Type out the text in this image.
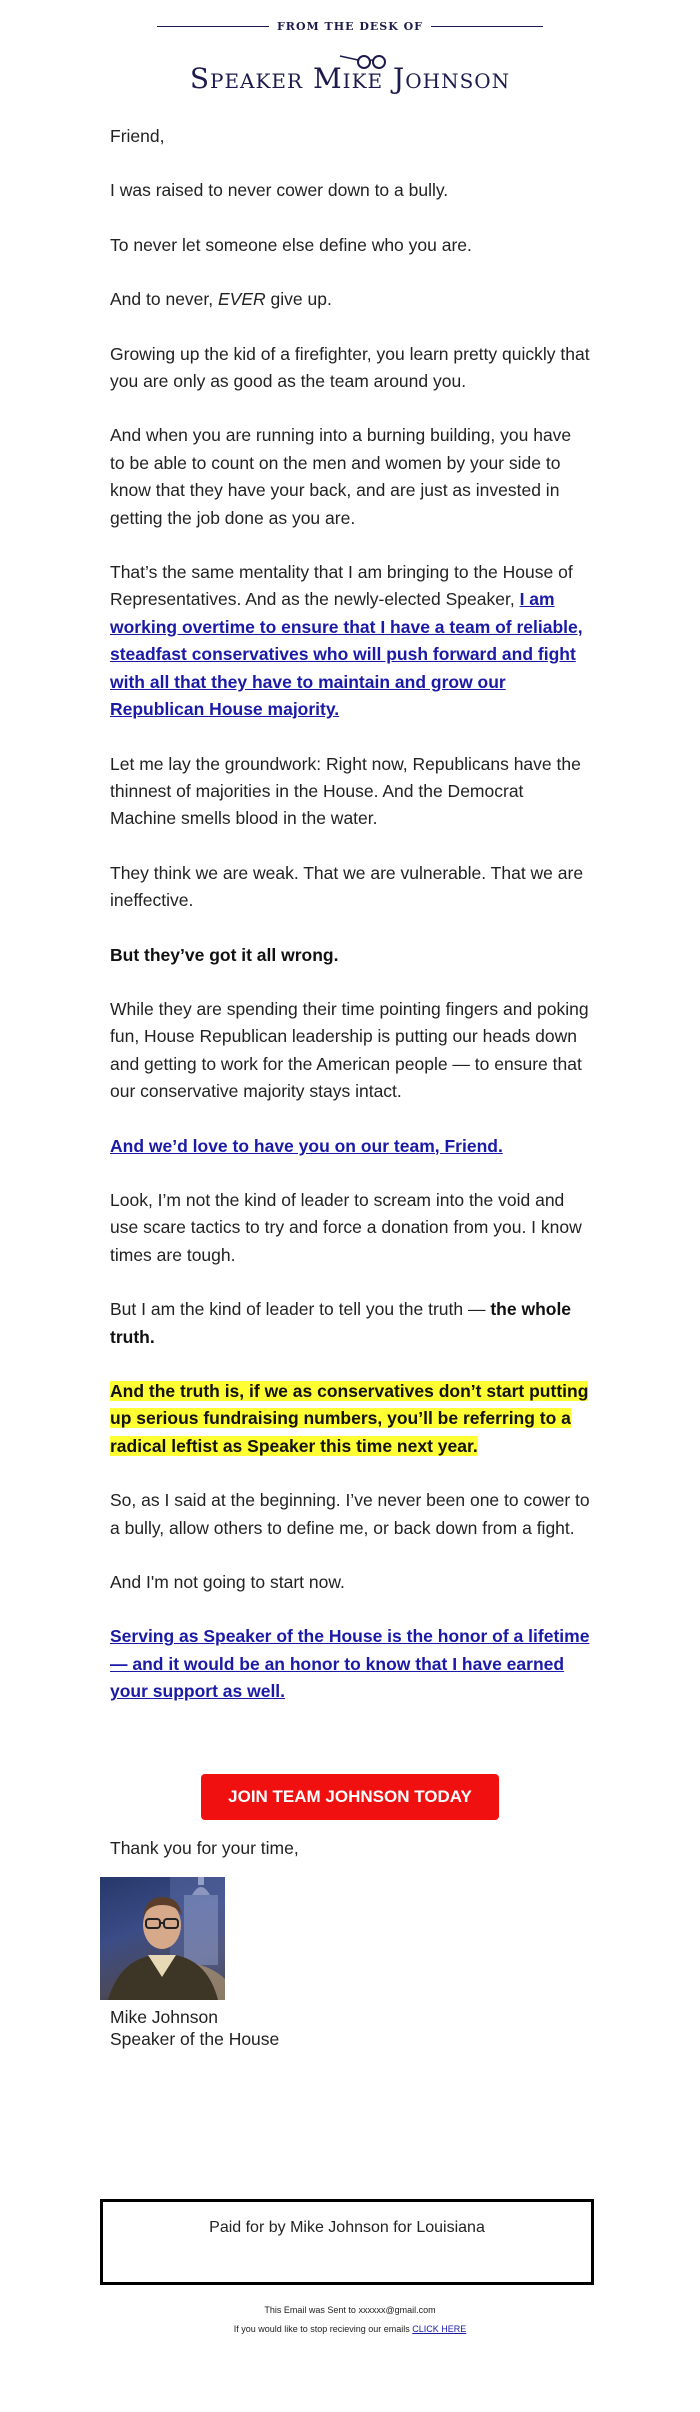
FROM THE DESK OF
Speaker Mike Johnson

Friend,

I was raised to never cower down to a bully.

To never let someone else define who you are.

And to never, EVER give up.

Growing up the kid of a firefighter, you learn pretty quickly that you are only as good as the team around you.

And when you are running into a burning building, you have to be able to count on the men and women by your side to know that they have your back, and are just as invested in getting the job done as you are.

That’s the same mentality that I am bringing to the House of Representatives. And as the newly-elected Speaker, I am working overtime to ensure that I have a team of reliable, steadfast conservatives who will push forward and fight with all that they have to maintain and grow our Republican House majority.

Let me lay the groundwork: Right now, Republicans have the thinnest of majorities in the House. And the Democrat Machine smells blood in the water.

They think we are weak. That we are vulnerable. That we are ineffective.

But they’ve got it all wrong.

While they are spending their time pointing fingers and poking fun, House Republican leadership is putting our heads down and getting to work for the American people — to ensure that our conservative majority stays intact.

And we’d love to have you on our team, Friend.

Look, I’m not the kind of leader to scream into the void and use scare tactics to try and force a donation from you. I know times are tough.

But I am the kind of leader to tell you the truth — the whole truth.

And the truth is, if we as conservatives don’t start putting up serious fundraising numbers, you’ll be referring to a radical leftist as Speaker this time next year.

So, as I said at the beginning. I’ve never been one to cower to a bully, allow others to define me, or back down from a fight.

And I'm not going to start now.

Serving as Speaker of the House is the honor of a lifetime — and it would be an honor to know that I have earned your support as well.

JOIN TEAM JOHNSON TODAY
Thank you for your time,
Mike Johnson
Speaker of the House
Paid for by Mike Johnson for Louisiana
This Email was Sent to xxxxxx@gmail.com
If you would like to stop recieving our emails CLICK HERE
